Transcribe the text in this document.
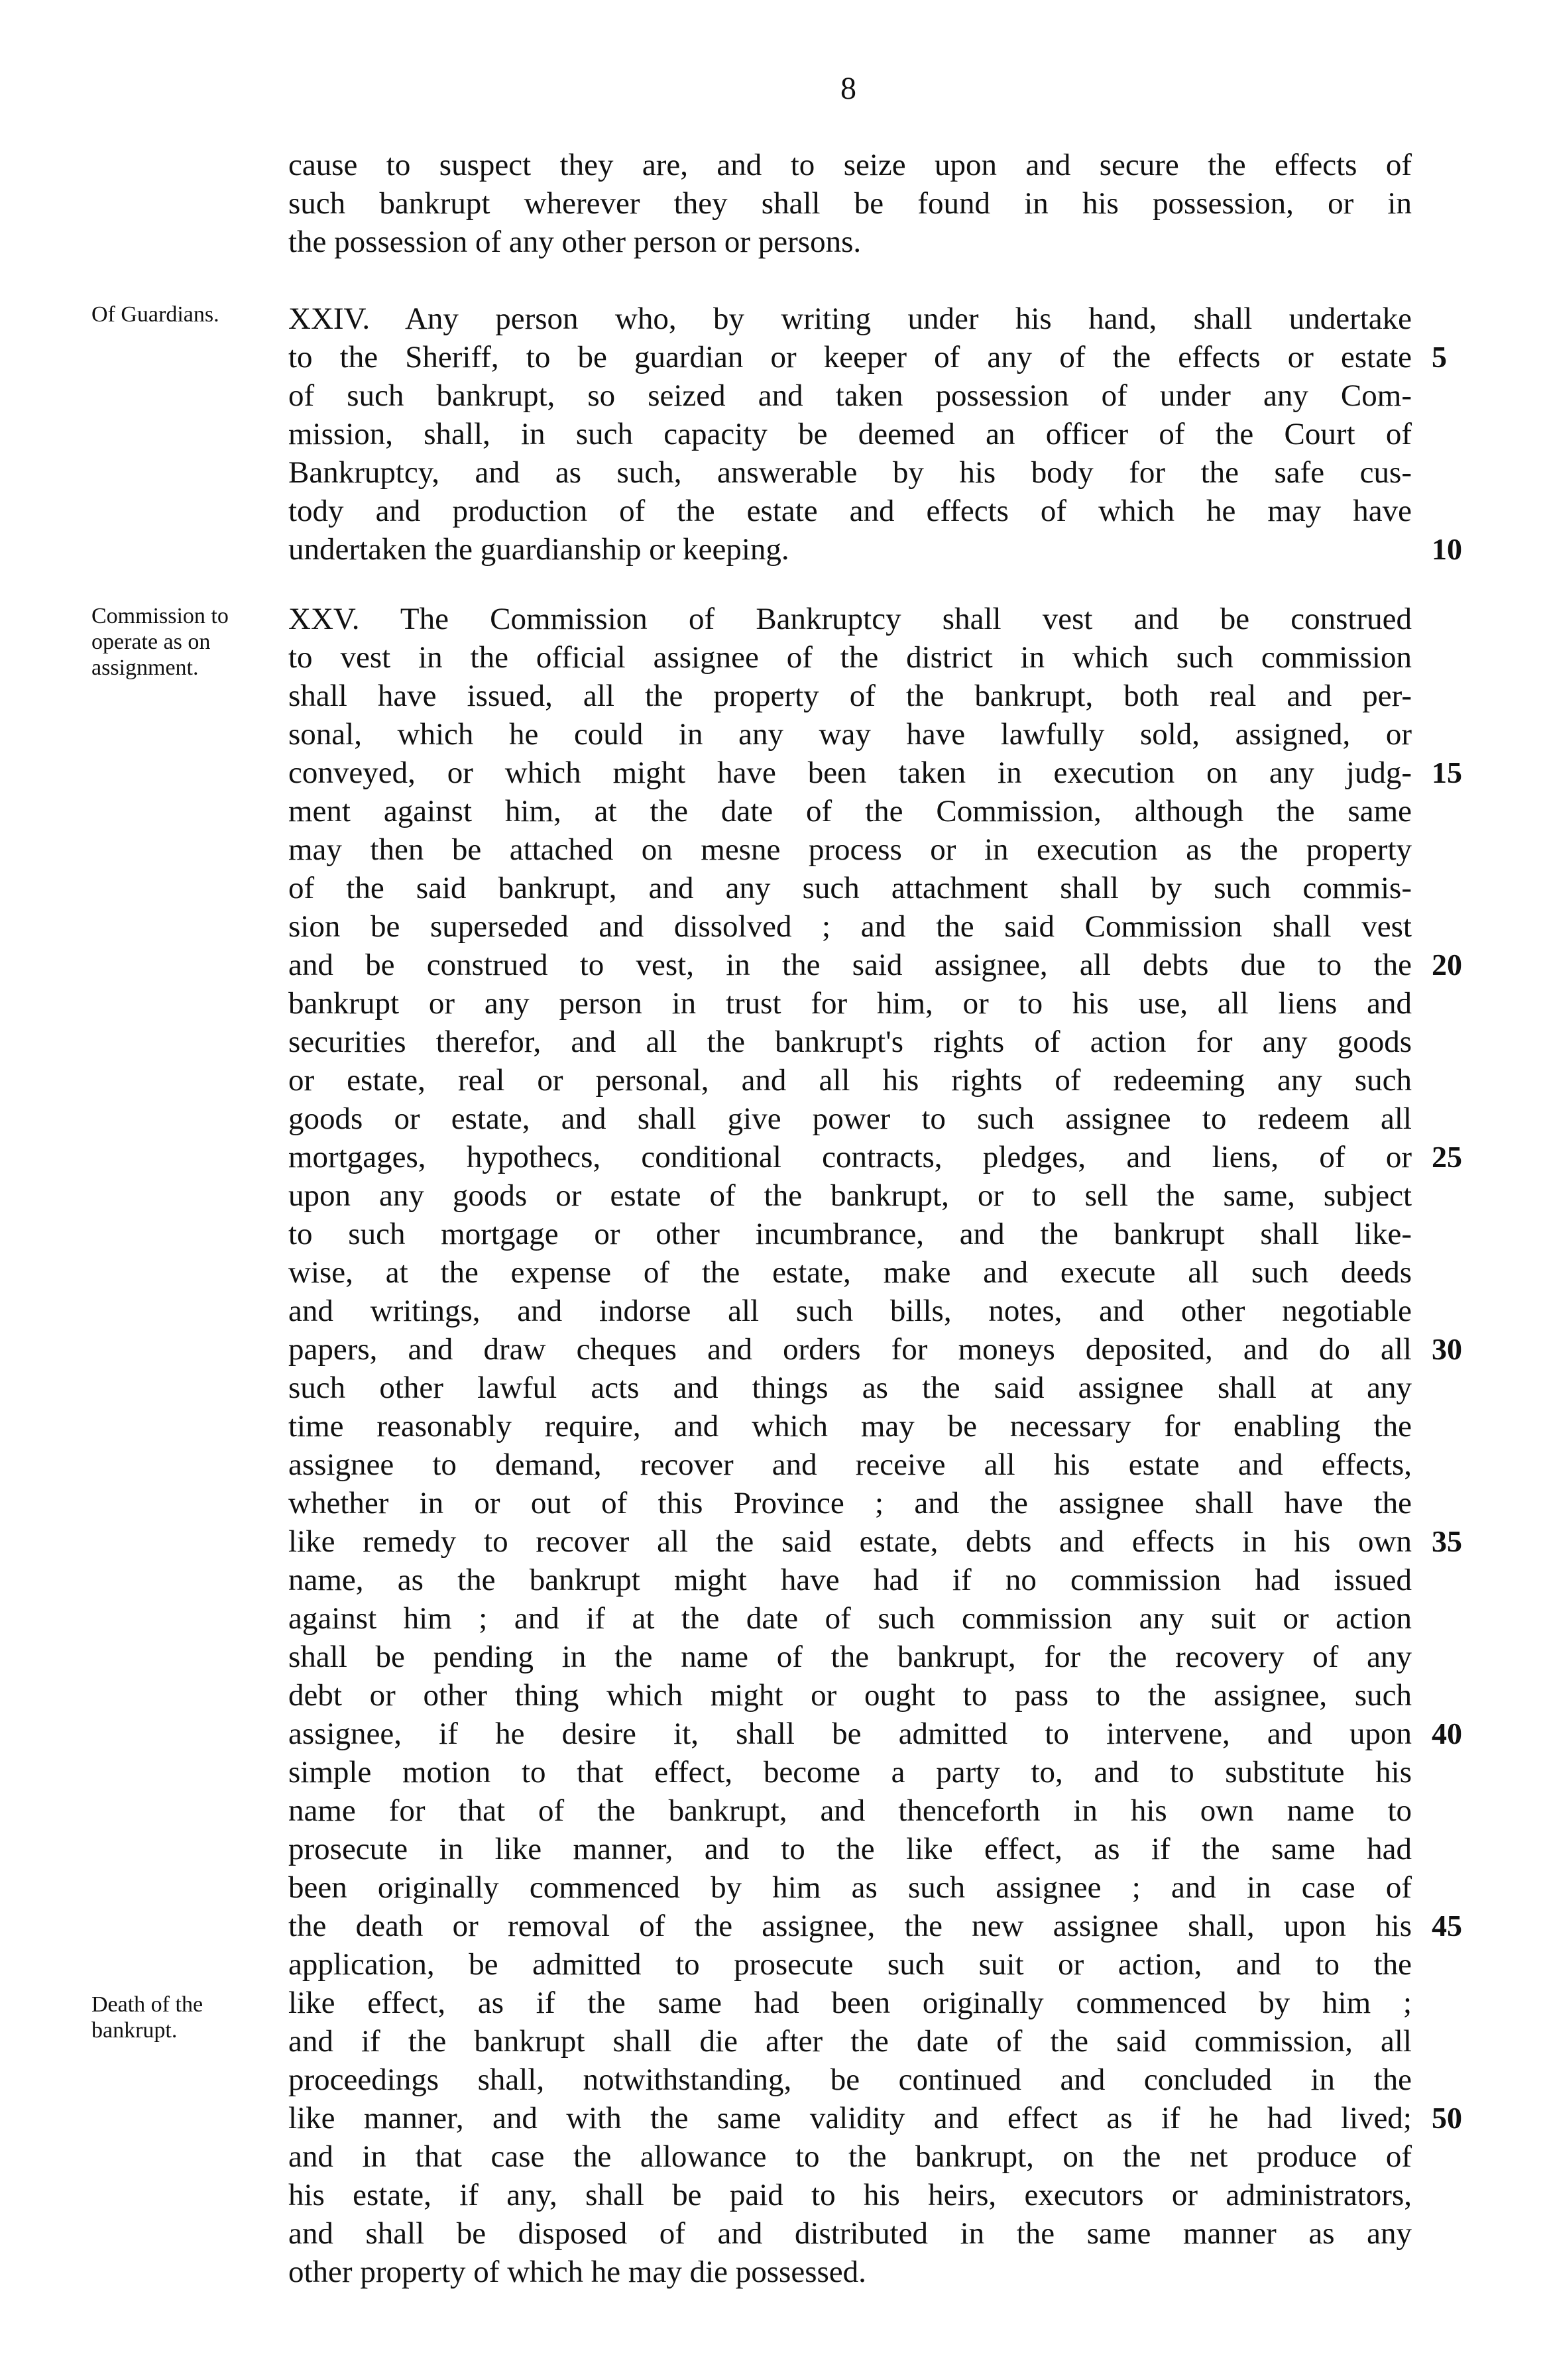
8
Of Guardians.
Commission to
operate as on
assignment.
Death of the
bankrupt.
cause to suspect they are, and to seize upon and secure the effects of
such bankrupt wherever they shall be found in his possession, or in
the possession of any other person or persons.
XXIV. Any person who, by writing under his hand, shall undertake
to the Sheriff, to be guardian or keeper of any of the effects or estate
of such bankrupt, so seized and taken possession of under any Com-
mission, shall, in such capacity be deemed an officer of the Court of
Bankruptcy, and as such, answerable by his body for the safe cus-
tody and production of the estate and effects of which he may have
undertaken the guardianship or keeping.
XXV. The Commission of Bankruptcy shall vest and be construed
to vest in the official assignee of the district in which such commission
shall have issued, all the property of the bankrupt, both real and per-
sonal, which he could in any way have lawfully sold, assigned, or
conveyed, or which might have been taken in execution on any judg-
ment against him, at the date of the Commission, although the same
may then be attached on mesne process or in execution as the property
of the said bankrupt, and any such attachment shall by such commis-
sion be superseded and dissolved ; and the said Commission shall vest
and be construed to vest, in the said assignee, all debts due to the
bankrupt or any person in trust for him, or to his use, all liens and
securities therefor, and all the bankrupt's rights of action for any goods
or estate, real or personal, and all his rights of redeeming any such
goods or estate, and shall give power to such assignee to redeem all
mortgages, hypothecs, conditional contracts, pledges, and liens, of or
upon any goods or estate of the bankrupt, or to sell the same, subject
to such mortgage or other incumbrance, and the bankrupt shall like-
wise, at the expense of the estate, make and execute all such deeds
and writings, and indorse all such bills, notes, and other negotiable
papers, and draw cheques and orders for moneys deposited, and do all
such other lawful acts and things as the said assignee shall at any
time reasonably require, and which may be necessary for enabling the
assignee to demand, recover and receive all his estate and effects,
whether in or out of this Province ; and the assignee shall have the
like remedy to recover all the said estate, debts and effects in his own
name, as the bankrupt might have had if no commission had issued
against him ; and if at the date of such commission any suit or action
shall be pending in the name of the bankrupt, for the recovery of any
debt or other thing which might or ought to pass to the assignee, such
assignee, if he desire it, shall be admitted to intervene, and upon
simple motion to that effect, become a party to, and to substitute his
name for that of the bankrupt, and thenceforth in his own name to
prosecute in like manner, and to the like effect, as if the same had
been originally commenced by him as such assignee ; and in case of
the death or removal of the assignee, the new assignee shall, upon his
application, be admitted to prosecute such suit or action, and to the
like effect, as if the same had been originally commenced by him ;
and if the bankrupt shall die after the date of the said commission, all
proceedings shall, notwithstanding, be continued and concluded in the
like manner, and with the same validity and effect as if he had lived;
and in that case the allowance to the bankrupt, on the net produce of
his estate, if any, shall be paid to his heirs, executors or administrators,
and shall be disposed of and distributed in the same manner as any
other property of which he may die possessed.
5
10
15
20
25
30
35
40
45
50
